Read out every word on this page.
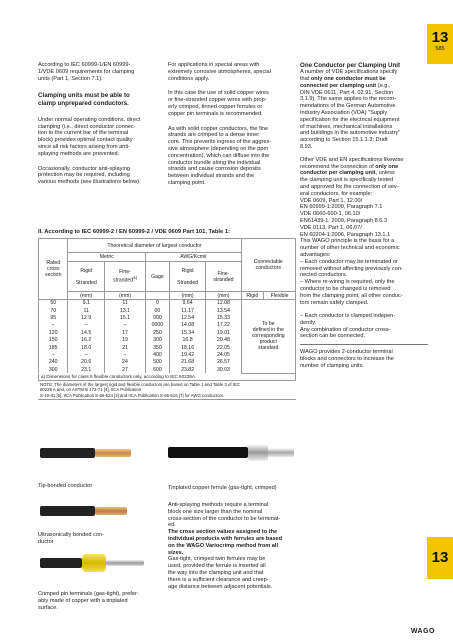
13
585
13
According to IEC 60999-1/EN 60999-
1/VDE 0609 requirements for clamping
units (Part 1, Section 7.1):
Clamping units must be able to
clamp unprepared conductors.
Under normal operating conditions, direct
clamping (i.e., direct conductor connec-
tion to the current bar of the terminal
block) provides optimal contact quality
since all risk factors arising from anti-
splaying methods are prevented.
Occasionally, conductor anti-splaying
protection may be required, including
various methods (see illustrations below).
For applications in special areas with
extremely corrosive atmospheres, special
conditions apply.
In this case the use of solid copper wires
or fine-stranded copper wires with prop-
erly crimped, tinned copper ferrules or
copper pin terminals is recommended.
As with solid copper conductors, the fine
strands are crimped to a dense inner
core. This prevents ingress of the aggres-
sive atmosphere (depending on the ppm
concentration), which can diffuse into the
conductor bundle along the individual
strands and cause corrosion deposits
between individual strands and the
clamping point.
One Conductor per Clamping Unit
A number of VDE specifications specify
that only one conductor must be
connected per clamping unit (e.g.,
DIN VDE 0611, Part 4, 02.91, Section
3.1.9). The same applies to the recom-
mendations of the German Automotive
Industry Association (VDA) "Supply
specification for the electrical equipment
of machines, mechanical installations
and buildings in the automotive industry"
according to Section 15.1.1.3; Draft
8.93.
Other VDE and EN specifications likewise
recommend the connection of only one
conductor per clamping unit, unless
the clamping unit is specifically tested
and approved for the connection of sev-
eral conductors, for example:
VDE 0609, Part 1, 12.00/
EN 60999-1:2000, Paragraph 7.1
VDE 0660-600-1, 06.10/
EN61439-1: 2009, Paragraph 8.6.3
VDE 0113, Part 1, 06.07/
EN 60204-1:2006, Paragraph 13.1.1
This WAGO principle is the basis for a
number of other technical and economic
advantages:
– Each conductor may be terminated or
removed without affecting previously con-
nected conductors.
– Where re-wiring is required, only the
conductor to be changed is removed
from the clamping point, all other conduc-
tors remain safely clamped.

– Each conductor is clamped indepen-
dently.
Any combination of conductor cross-
section can be connected.
WAGO provides 2-conductor terminal
blocks and connectors to increase the
number of clamping units.
II. According to IEC 60999-2 / EN 60999-2 / VDE 0609 Part 101, Table 1:
Rated
cross
section	Theoretical diameter of largest conductor					Connectable
conductors	
	Metric		AWG/Kcmil				
	Rigid

Stranded	Fine-
stranded$^{a)}$	Gage	Rigid

Stranded	Fine-
stranded		
	(mm)	(mm)		(mm)	(mm)	Rigid	Flexible
50	9.1	11	0	9.64	12.08	To be
defined in the
corresponding
product
standard	
70	11	13.1	00	11.17	13.54		
95	12.9	15.1	000	12.54	15.33		
–	–	–	0000	14.08	17.22		
120	14.5	17	250	15.34	19.01		
150	16.2	19	300	16.8	20.48		
185	18.0	21	350	18.16	22.05		
–	–	–	400	19.42	24.05		
240	20.6	24	500	21.68	26.57		
300	23.1	27	600	23.82	30.03		
a) Dimensions for class 5 flexible conductors only, according to IEC 60228A.
NOTE: The diameters of the largest rigid and flexible conductors are based on Table 1 and Table 3 of IEC
60228 A and, on ASTM B 172-71 [4], IICA Publication
S-19-81 [5], IICA Publication S-66-524 [3] and IICA Publication S-66-516 [7] for AWG conductors.
Tip-bonded conductor
Ultrasonically bonded con-
ductor
Crimped pin terminals (gas-tight), prefer-
ably made of copper with a tinplated
surface.
Tinplated copper ferrule (gas-tight, crimped)
Anti-splaying methods require a terminal
block one size larger than the nominal
cross-section of the conductor to be terminat-
ed.
The cross section values assigned to the
individual products with ferrules are based
on the WAGO Variocrimp method from all
sizes.
Gas-tight, crimped twin ferrules may be
used, provided the ferrule is inserted all
the way into the clamping unit and that
there is a sufficient clearance and creep-
age distance between adjacent potentials.
WAGO
